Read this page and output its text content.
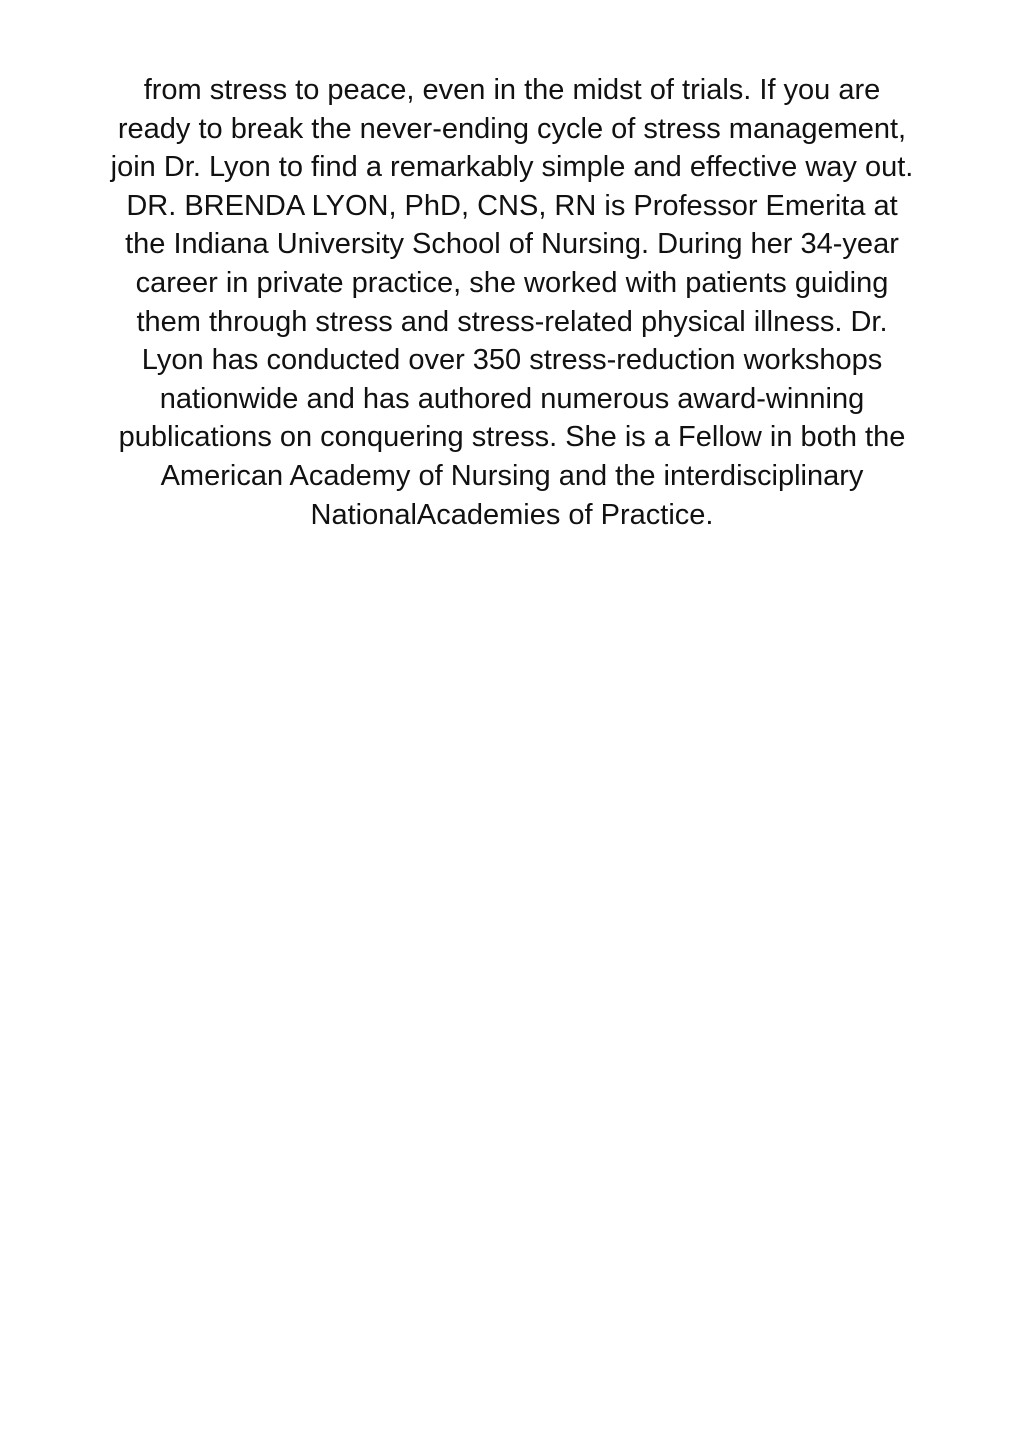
from stress to peace, even in the midst of trials. If you are
ready to break the never-ending cycle of stress management,
join Dr. Lyon to find a remarkably simple and effective way out.
DR. BRENDA LYON, PhD, CNS, RN is Professor Emerita at
the Indiana University School of Nursing. During her 34-year
career in private practice, she worked with patients guiding
them through stress and stress-related physical illness. Dr.
Lyon has conducted over 350 stress-reduction workshops
nationwide and has authored numerous award-winning
publications on conquering stress. She is a Fellow in both the
American Academy of Nursing and the interdisciplinary
NationalAcademies of Practice.
